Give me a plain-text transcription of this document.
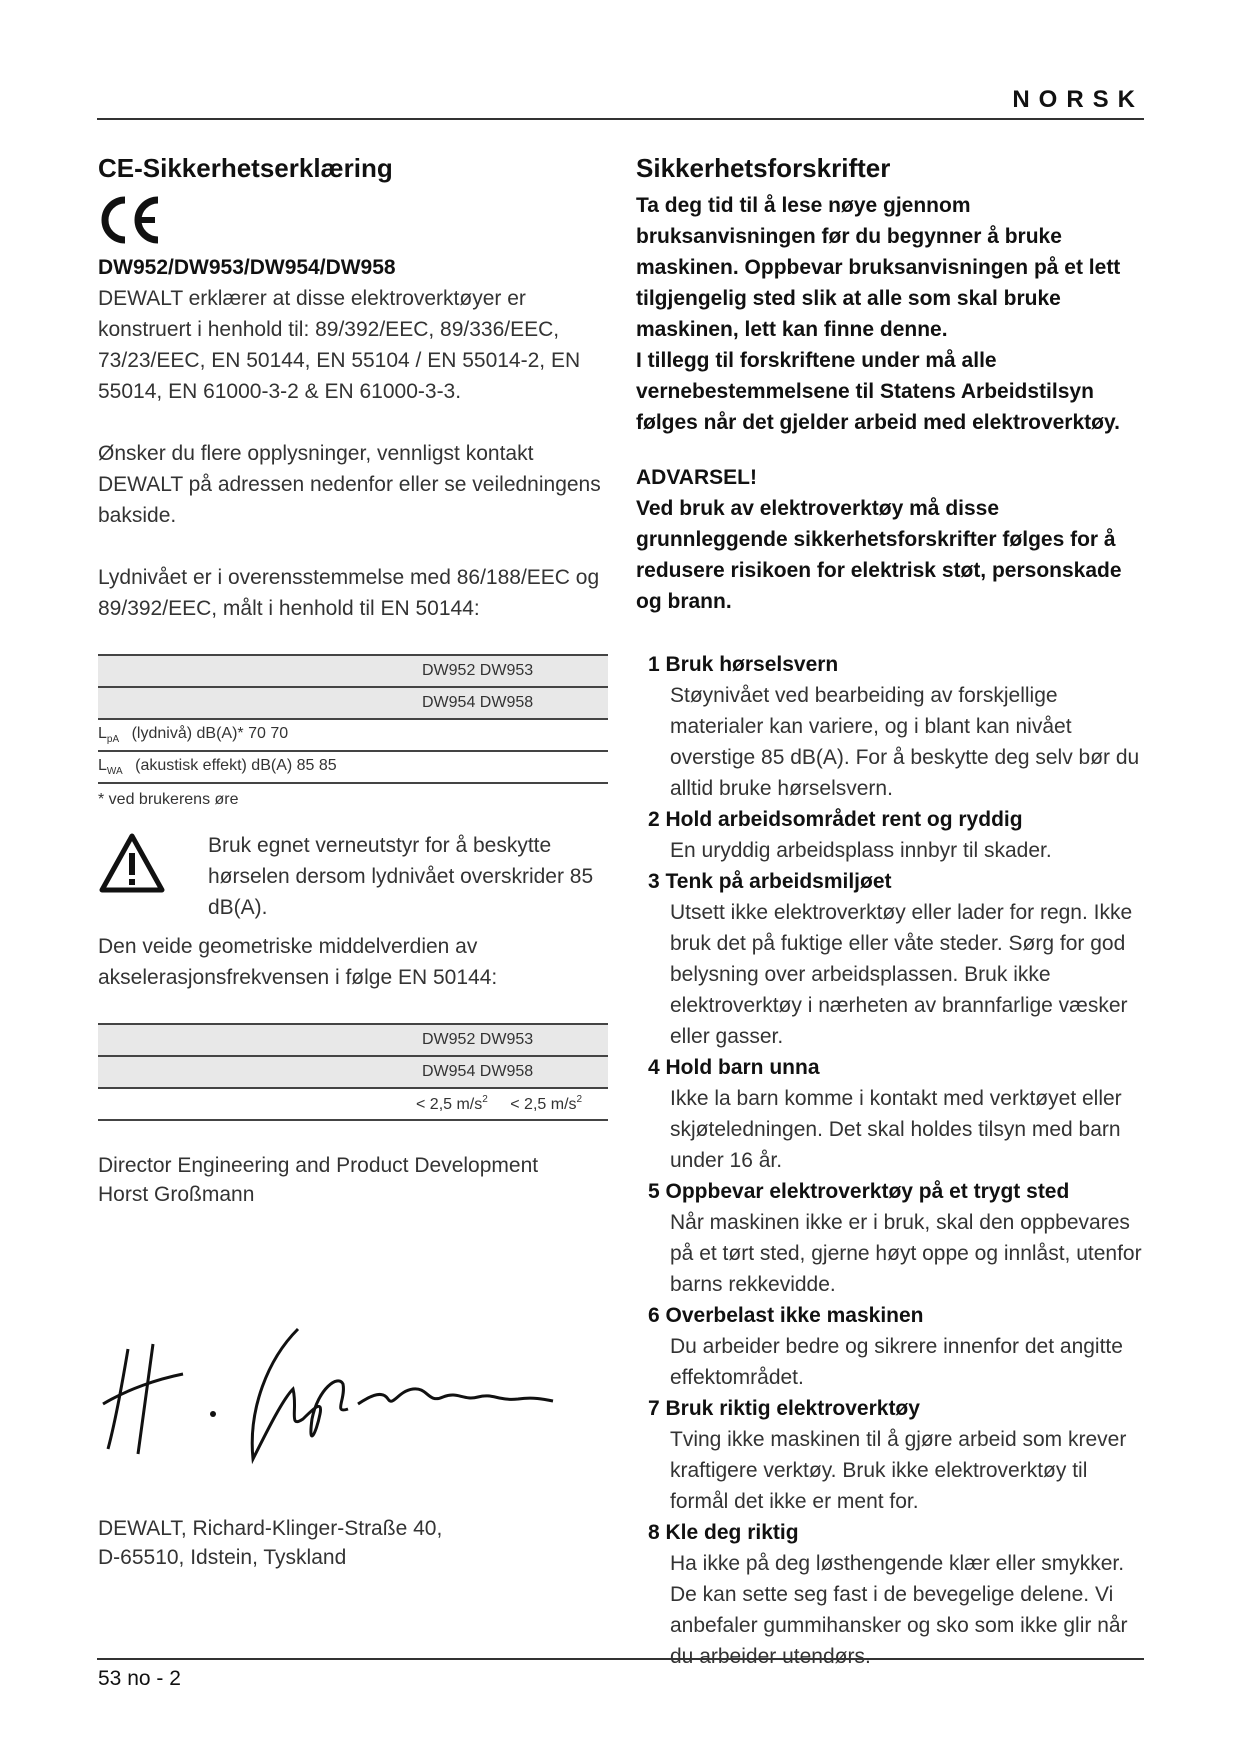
NORSK
CE-Sikkerhetserklæring
DW952/DW953/DW954/DW958

DEWALT erklærer at disse elektroverktøyer er konstruert i henhold til: 89/392/EEC, 89/336/EEC, 73/23/EEC, EN 50144, EN 55104 / EN 55014-2, EN 55014, EN 61000-3-2 & EN 61000-3-3.

Ønsker du flere opplysninger, vennligst kontakt DEWALT på adressen nedenfor eller se veiledningens bakside.

Lydnivået er i overensstemmelse med 86/188/EEC og 89/392/EEC, målt i henhold til EN 50144:

	DW952 DW953
	DW954 DW958
$L_{pA}$ (lydnivå) dB(A)* 70 70	
$L_{WA}$ (akustisk effekt) dB(A) 85 85	
* ved brukerens øre
Bruk egnet verneutstyr for å beskytte hørselen dersom lydnivået overskrider 85 dB(A).

Den veide geometriske middelverdien av akselerasjonsfrekvensen i følge EN 50144:

	DW952 DW953
	DW954 DW958
	< 2,5 $m/s^2 < 2,5$ $m/s^2$
Director Engineering and Product Development
Horst Großmann
DEWALT, Richard-Klinger-Straße 40,
D-65510, Idstein, Tyskland
Sikkerhetsforskrifter

Ta deg tid til å lese nøye gjennom bruksanvisningen før du begynner å bruke maskinen. Oppbevar bruksanvisningen på et lett tilgjengelig sted slik at alle som skal bruke maskinen, lett kan finne denne.

I tillegg til forskriftene under må alle vernebestemmelsene til Statens Arbeidstilsyn følges når det gjelder arbeid med elektroverktøy.

ADVARSEL!

Ved bruk av elektroverktøy må disse grunnleggende sikkerhetsforskrifter følges for å redusere risikoen for elektrisk støt, personskade og brann.

1 Bruk hørselsvern
Støynivået ved bearbeiding av forskjellige materialer kan variere, og i blant kan nivået overstige 85 dB(A). For å beskytte deg selv bør du alltid bruke hørselsvern.
2 Hold arbeidsområdet rent og ryddig
En uryddig arbeidsplass innbyr til skader.
3 Tenk på arbeidsmiljøet
Utsett ikke elektroverktøy eller lader for regn. Ikke bruk det på fuktige eller våte steder. Sørg for god belysning over arbeidsplassen. Bruk ikke elektroverktøy i nærheten av brannfarlige væsker eller gasser.
4 Hold barn unna
Ikke la barn komme i kontakt med verktøyet eller skjøteledningen. Det skal holdes tilsyn med barn under 16 år.
5 Oppbevar elektroverktøy på et trygt sted
Når maskinen ikke er i bruk, skal den oppbevares på et tørt sted, gjerne høyt oppe og innlåst, utenfor barns rekkevidde.
6 Overbelast ikke maskinen
Du arbeider bedre og sikrere innenfor det angitte effektområdet.
7 Bruk riktig elektroverktøy
Tving ikke maskinen til å gjøre arbeid som krever kraftigere verktøy. Bruk ikke elektroverktøy til formål det ikke er ment for.
8 Kle deg riktig
Ha ikke på deg løsthengende klær eller smykker. De kan sette seg fast i de bevegelige delene. Vi anbefaler gummihansker og sko som ikke glir når du arbeider utendørs.
53 no - 2
